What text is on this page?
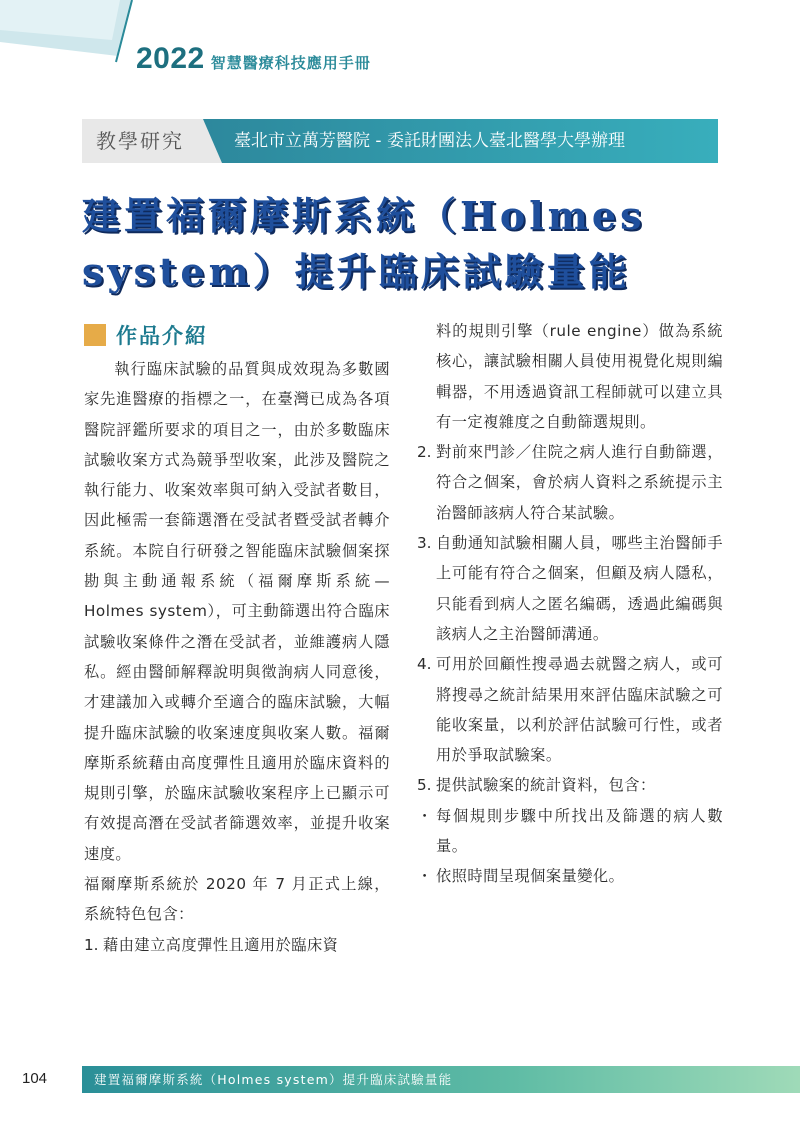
2022 智慧醫療科技應用手冊
教學研究	臺北市立萬芳醫院 - 委託財團法人臺北醫學大學辦理
建置福爾摩斯系統（Holmes system）提升臨床試驗量能
作品介紹

執行臨床試驗的品質與成效現為多數國家先進醫療的指標之一，在臺灣已成為各項醫院評鑑所要求的項目之一，由於多數臨床試驗收案方式為競爭型收案，此涉及醫院之執行能力、收案效率與可納入受試者數目，因此極需一套篩選潛在受試者暨受試者轉介系統。本院自行研發之智能臨床試驗個案探勘與主動通報系統（福爾摩斯系統— Holmes system），可主動篩選出符合臨床試驗收案條件之潛在受試者，並維護病人隱私。經由醫師解釋說明與徵詢病人同意後，才建議加入或轉介至適合的臨床試驗，大幅提升臨床試驗的收案速度與收案人數。福爾摩斯系統藉由高度彈性且適用於臨床資料的規則引擎，於臨床試驗收案程序上已顯示可有效提高潛在受試者篩選效率，並提升收案速度。

福爾摩斯系統於 2020 年 7 月正式上線，系統特色包含：

1. 藉由建立高度彈性且適用於臨床資

料的規則引擎（rule engine）做為系統核心，讓試驗相關人員使用視覺化規則編輯器，不用透過資訊工程師就可以建立具有一定複雜度之自動篩選規則。

2. 對前來門診／住院之病人進行自動篩選，符合之個案，會於病人資料之系統提示主治醫師該病人符合某試驗。
3. 自動通知試驗相關人員，哪些主治醫師手上可能有符合之個案，但顧及病人隱私，只能看到病人之匿名編碼，透過此編碼與該病人之主治醫師溝通。
4. 可用於回顧性搜尋過去就醫之病人，或可將搜尋之統計結果用來評估臨床試驗之可能收案量，以利於評估試驗可行性，或者用於爭取試驗案。
5. 提供試驗案的統計資料，包含：
・ 每個規則步驟中所找出及篩選的病人數量。
・ 依照時間呈現個案量變化。
104	建置福爾摩斯系統（Holmes system）提升臨床試驗量能
